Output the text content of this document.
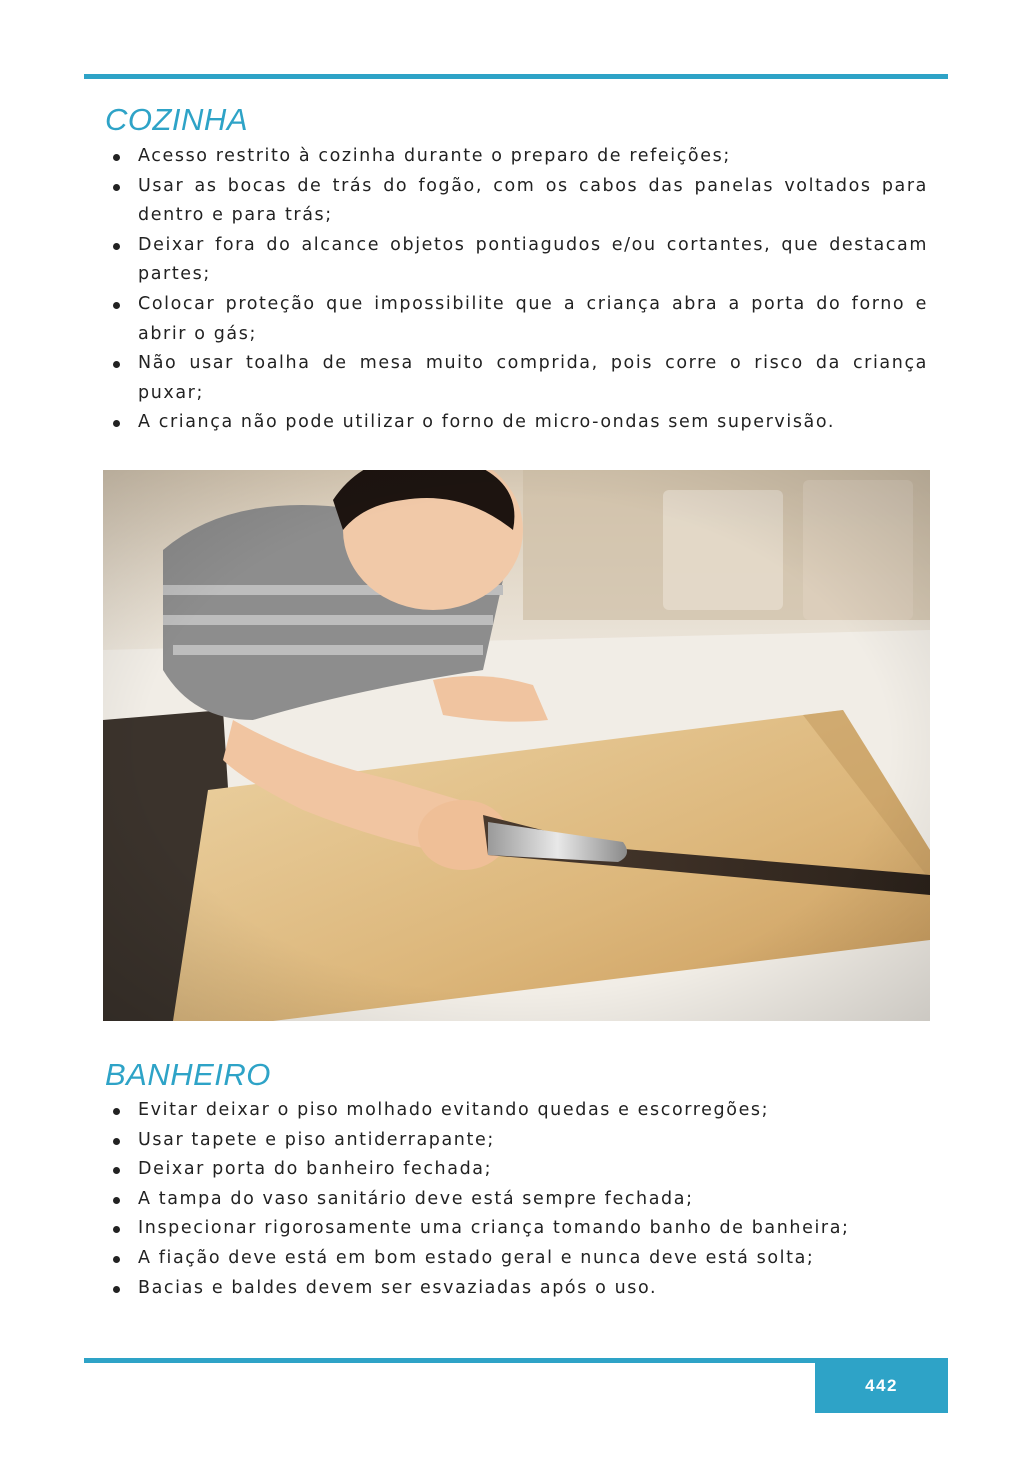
COZINHA
Acesso restrito à cozinha durante o preparo de refeições;
Usar as bocas de trás do fogão, com os cabos das panelas voltados para dentro e para trás;
Deixar fora do alcance objetos pontiagudos e/ou cortantes, que destacam partes;
Colocar proteção que impossibilite que a criança abra a porta do forno e abrir o gás;
Não usar toalha de mesa muito comprida, pois corre o risco da criança puxar;
A criança não pode utilizar o forno de micro-ondas sem supervisão.
BANHEIRO
Evitar deixar o piso molhado evitando quedas e escorregões;
Usar tapete e piso antiderrapante;
Deixar porta do banheiro fechada;
A tampa do vaso sanitário deve está sempre fechada;
Inspecionar rigorosamente uma criança tomando banho de banheira;
A fiação deve está em bom estado geral e nunca deve está solta;
Bacias e baldes devem ser esvaziadas após o uso.
442
